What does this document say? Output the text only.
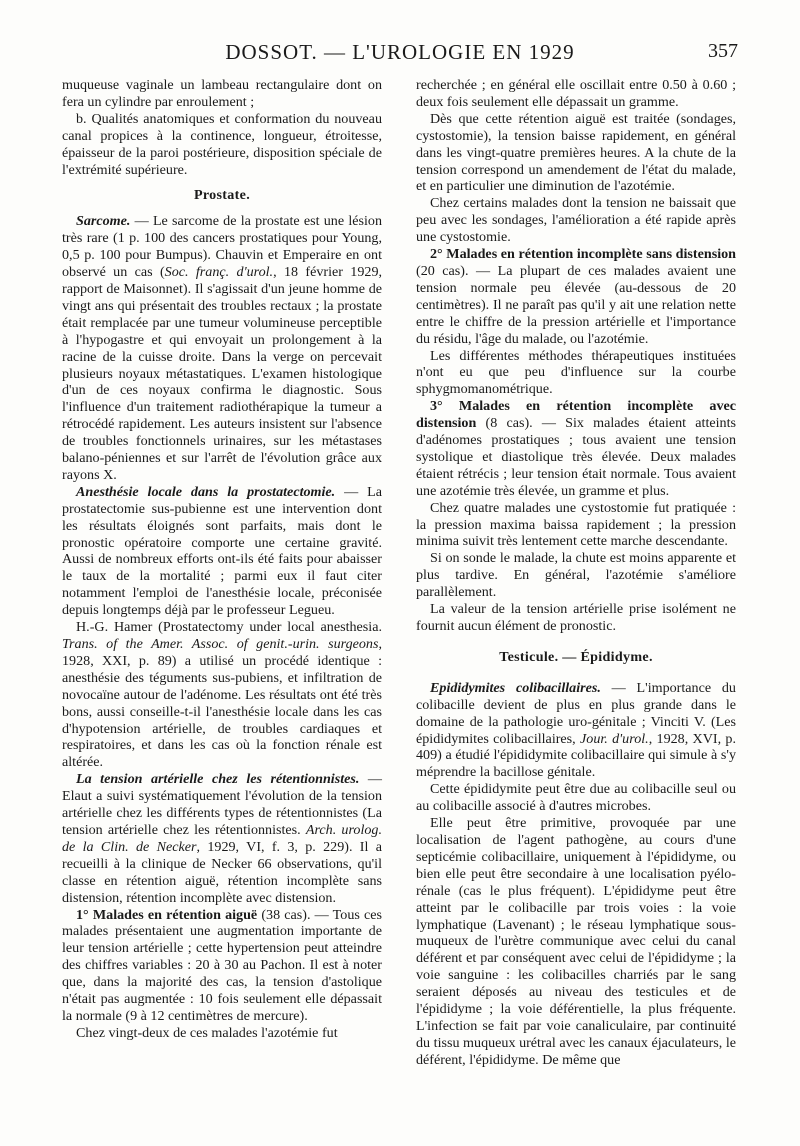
DOSSOT. — L'UROLOGIE EN 1929	357

muqueuse vaginale un lambeau rectangulaire dont on fera un cylindre par enroulement ;

b. Qualités anatomiques et conformation du nouveau canal propices à la continence, longueur, étroitesse, épaisseur de la paroi postérieure, disposition spéciale de l'extrémité supérieure.

Prostate.

Sarcome. — Le sarcome de la prostate est une lésion très rare (1 p. 100 des cancers prostatiques pour Young, 0,5 p. 100 pour Bumpus). Chauvin et Emperaire en ont observé un cas (Soc. franç. d'urol., 18 février 1929, rapport de Maisonnet). Il s'agissait d'un jeune homme de vingt ans qui présentait des troubles rectaux ; la prostate était remplacée par une tumeur volumineuse perceptible à l'hypogastre et qui envoyait un prolongement à la racine de la cuisse droite. Dans la verge on percevait plusieurs noyaux métastatiques. L'examen histologique d'un de ces noyaux confirma le diagnostic. Sous l'influence d'un traitement radiothérapique la tumeur a rétrocédé rapidement. Les auteurs insistent sur l'absence de troubles fonctionnels urinaires, sur les métastases balano-péniennes et sur l'arrêt de l'évolution grâce aux rayons X.

Anesthésie locale dans la prostatectomie. — La prostatectomie sus-pubienne est une intervention dont les résultats éloignés sont parfaits, mais dont le pronostic opératoire comporte une certaine gravité. Aussi de nombreux efforts ont-ils été faits pour abaisser le taux de la mortalité ; parmi eux il faut citer notamment l'emploi de l'anesthésie locale, préconisée depuis longtemps déjà par le professeur Legueu.

H.-G. Hamer (Prostatectomy under local anesthesia. Trans. of the Amer. Assoc. of genit.-urin. surgeons, 1928, XXI, p. 89) a utilisé un procédé identique : anesthésie des téguments sus-pubiens, et infiltration de novocaïne autour de l'adénome. Les résultats ont été très bons, aussi conseille-t-il l'anesthésie locale dans les cas d'hypotension artérielle, de troubles cardiaques et respiratoires, et dans les cas où la fonction rénale est altérée.

La tension artérielle chez les rétentionnistes. — Elaut a suivi systématiquement l'évolution de la tension artérielle chez les différents types de rétentionnistes (La tension artérielle chez les rétentionnistes. Arch. urolog. de la Clin. de Necker, 1929, VI, f. 3, p. 229). Il a recueilli à la clinique de Necker 66 observations, qu'il classe en rétention aiguë, rétention incomplète sans distension, rétention incomplète avec distension.

1° Malades en rétention aiguë (38 cas). — Tous ces malades présentaient une augmentation importante de leur tension artérielle ; cette hypertension peut atteindre des chiffres variables : 20 à 30 au Pachon. Il est à noter que, dans la majorité des cas, la tension d'astolique n'était pas augmentée : 10 fois seulement elle dépassait la normale (9 à 12 centimètres de mercure).

Chez vingt-deux de ces malades l'azotémie fut

recherchée ; en général elle oscillait entre 0.50 à 0.60 ; deux fois seulement elle dépassait un gramme.

Dès que cette rétention aiguë est traitée (sondages, cystostomie), la tension baisse rapidement, en général dans les vingt-quatre premières heures. A la chute de la tension correspond un amendement de l'état du malade, et en particulier une diminution de l'azotémie.

Chez certains malades dont la tension ne baissait que peu avec les sondages, l'amélioration a été rapide après une cystostomie.

2° Malades en rétention incomplète sans distension (20 cas). — La plupart de ces malades avaient une tension normale peu élevée (au-dessous de 20 centimètres). Il ne paraît pas qu'il y ait une relation nette entre le chiffre de la pression artérielle et l'importance du résidu, l'âge du malade, ou l'azotémie.

Les différentes méthodes thérapeutiques instituées n'ont eu que peu d'influence sur la courbe sphygmomanométrique.

3° Malades en rétention incomplète avec distension (8 cas). — Six malades étaient atteints d'adénomes prostatiques ; tous avaient une tension systolique et diastolique très élevée. Deux malades étaient rétrécis ; leur tension était normale. Tous avaient une azotémie très élevée, un gramme et plus.

Chez quatre malades une cystostomie fut pratiquée : la pression maxima baissa rapidement ; la pression minima suivit très lentement cette marche descendante.

Si on sonde le malade, la chute est moins apparente et plus tardive. En général, l'azotémie s'améliore parallèlement.

La valeur de la tension artérielle prise isolément ne fournit aucun élément de pronostic.

Testicule. — Épididyme.

Epididymites colibacillaires. — L'importance du colibacille devient de plus en plus grande dans le domaine de la pathologie uro-génitale ; Vinciti V. (Les épididymites colibacillaires, Jour. d'urol., 1928, XVI, p. 409) a étudié l'épididymite colibacillaire qui simule à s'y méprendre la bacillose génitale.

Cette épididymite peut être due au colibacille seul ou au colibacille associé à d'autres microbes.

Elle peut être primitive, provoquée par une localisation de l'agent pathogène, au cours d'une septicémie colibacillaire, uniquement à l'épididyme, ou bien elle peut être secondaire à une localisation pyélo-rénale (cas le plus fréquent). L'épididyme peut être atteint par le colibacille par trois voies : la voie lymphatique (Lavenant) ; le réseau lymphatique sous-muqueux de l'urètre communique avec celui du canal déférent et par conséquent avec celui de l'épididyme ; la voie sanguine : les colibacilles charriés par le sang seraient déposés au niveau des testicules et de l'épididyme ; la voie déférentielle, la plus fréquente. L'infection se fait par voie canaliculaire, par continuité du tissu muqueux urétral avec les canaux éjaculateurs, le déférent, l'épididyme. De même que
